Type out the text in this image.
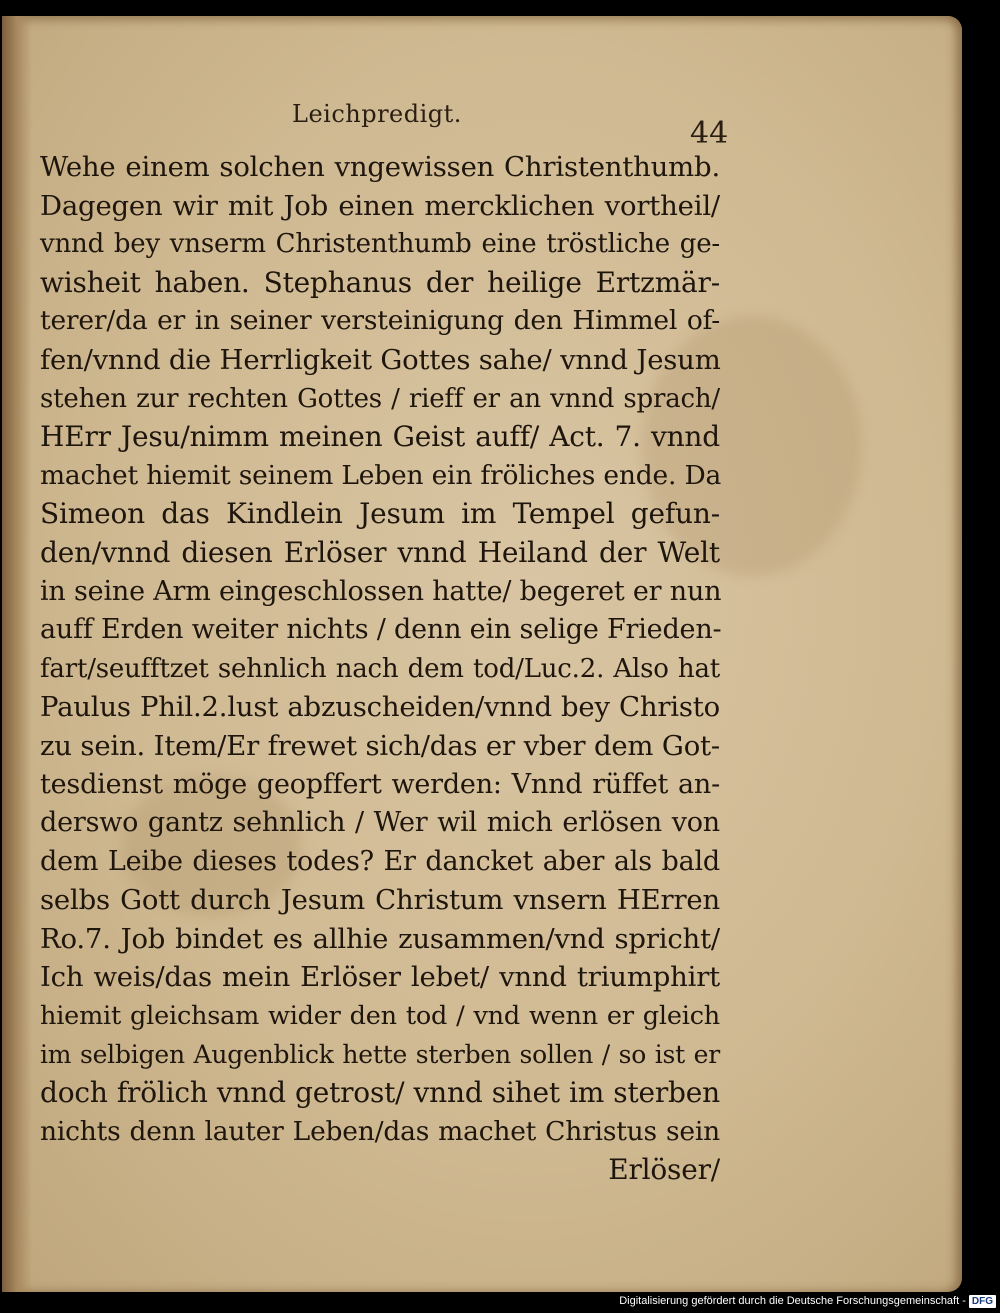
Leichpredigt.
44
Wehe einem solchen vngewissen Christenthumb.
Dagegen wir mit Job einen mercklichen vortheil/
vnnd bey vnserm Christenthumb eine tröstliche ge-
wisheit haben. Stephanus der heilige Ertzmär-
terer/da er in seiner versteinigung den Himmel of-
fen/vnnd die Herrligkeit Gottes sahe/ vnnd Jesum
stehen zur rechten Gottes / rieff er an vnnd sprach/
HErr Jesu/nimm meinen Geist auff/ Act. 7. vnnd
machet hiemit seinem Leben ein fröliches ende. Da
Simeon das Kindlein Jesum im Tempel gefun-
den/vnnd diesen Erlöser vnnd Heiland der Welt
in seine Arm eingeschlossen hatte/ begeret er nun
auff Erden weiter nichts / denn ein selige Frieden-
fart/seufftzet sehnlich nach dem tod/Luc.2. Also hat
Paulus Phil.2.lust abzuscheiden/vnnd bey Christo
zu sein. Item/Er frewet sich/das er vber dem Got-
tesdienst möge geopffert werden: Vnnd rüffet an-
derswo gantz sehnlich / Wer wil mich erlösen von
dem Leibe dieses todes? Er dancket aber als bald
selbs Gott durch Jesum Christum vnsern HErren
Ro.7. Job bindet es allhie zusammen/vnd spricht/
Ich weis/das mein Erlöser lebet/ vnnd triumphirt
hiemit gleichsam wider den tod / vnd wenn er gleich
im selbigen Augenblick hette sterben sollen / so ist er
doch frölich vnnd getrost/ vnnd sihet im sterben
nichts denn lauter Leben/das machet Christus sein
Erlöser/
Digitalisierung gefördert durch die Deutsche Forschungsgemeinschaft - DFG
